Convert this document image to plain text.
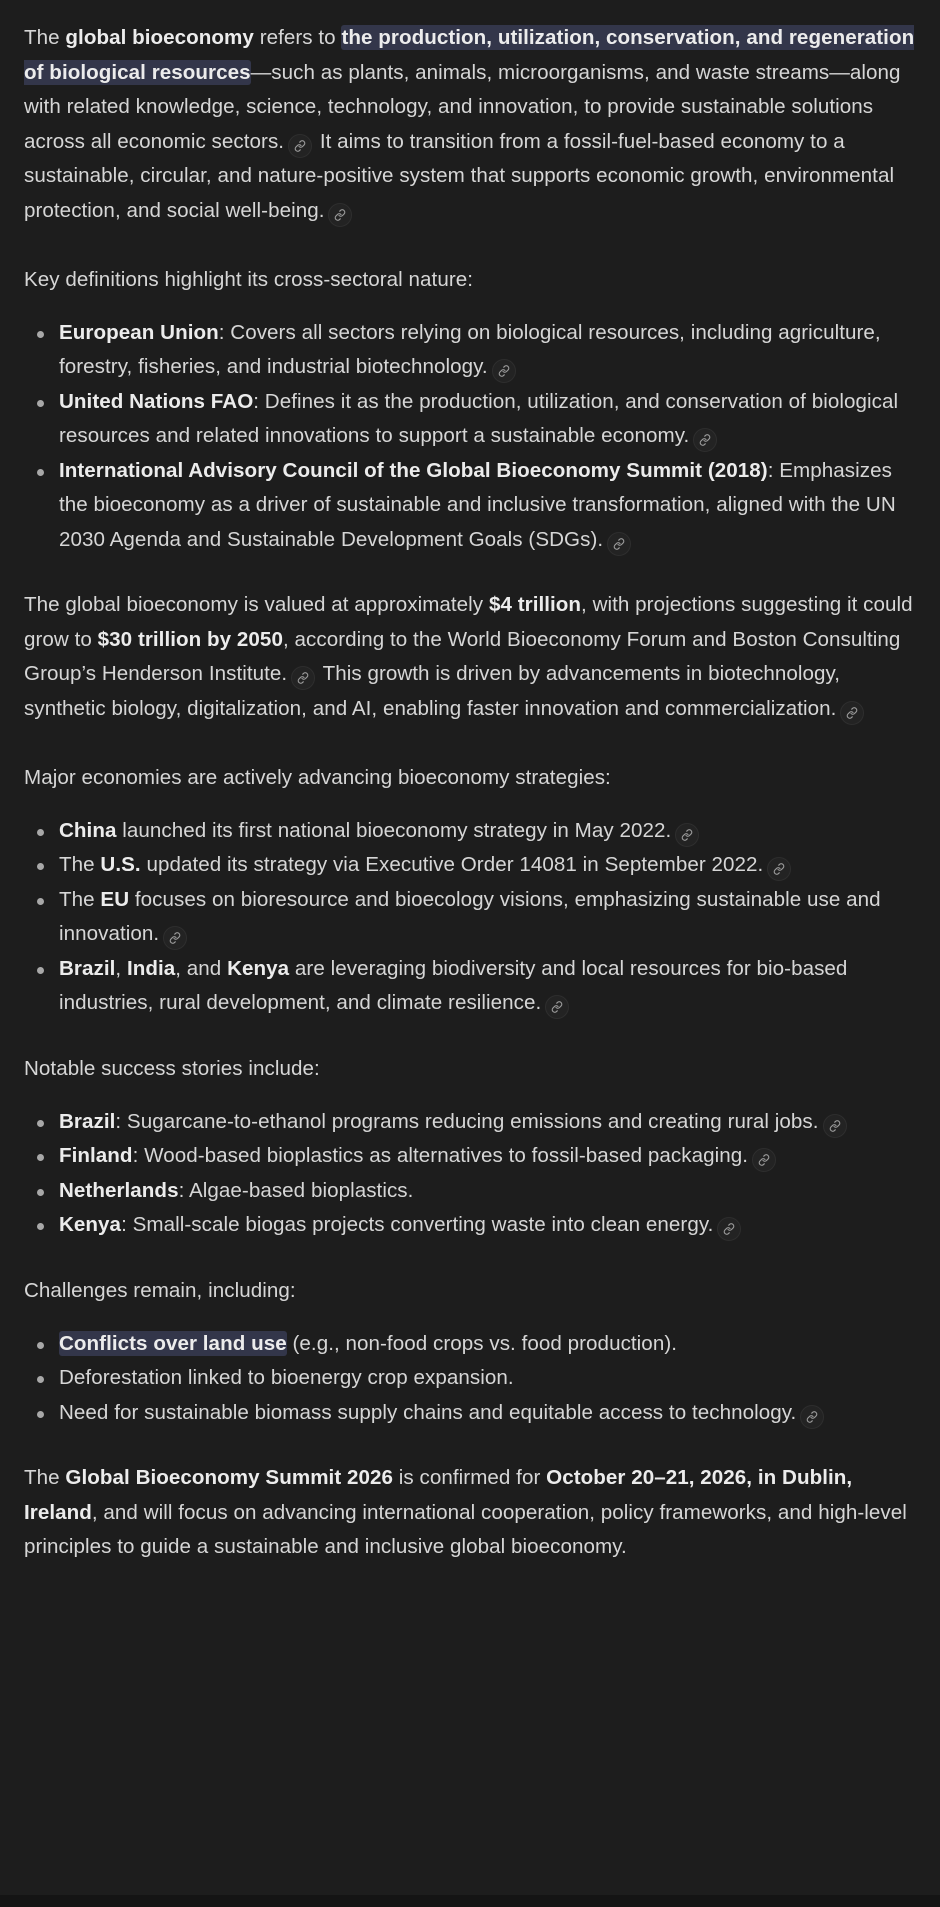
The global bioeconomy refers to the production, utilization, conservation, and regeneration of biological resources—such as plants, animals, microorganisms, and waste streams—along with related knowledge, science, technology, and innovation, to provide sustainable solutions across all economic sectors.
It aims to transition from a fossil-fuel-based economy to a sustainable, circular, and nature-positive system that supports economic growth, environmental protection, and social well-being.

Key definitions highlight its cross-sectoral nature:

European Union: Covers all sectors relying on biological resources, including agriculture, forestry, fisheries, and industrial biotechnology.
United Nations FAO: Defines it as the production, utilization, and conservation of biological resources and related innovations to support a sustainable economy.
International Advisory Council of the Global Bioeconomy Summit (2018): Emphasizes the bioeconomy as a driver of sustainable and inclusive transformation, aligned with the UN 2030 Agenda and Sustainable Development Goals (SDGs).

The global bioeconomy is valued at approximately $4 trillion, with projections suggesting it could grow to $30 trillion by 2050, according to the World Bioeconomy Forum and Boston Consulting Group’s Henderson Institute.
This growth is driven by advancements in biotechnology, synthetic biology, digitalization, and AI, enabling faster innovation and commercialization.

Major economies are actively advancing bioeconomy strategies:

China launched its first national bioeconomy strategy in May 2022.
The U.S. updated its strategy via Executive Order 14081 in September 2022.
The EU focuses on bioresource and bioecology visions, emphasizing sustainable use and innovation.
Brazil, India, and Kenya are leveraging biodiversity and local resources for bio-based industries, rural development, and climate resilience.

Notable success stories include:

Brazil: Sugarcane-to-ethanol programs reducing emissions and creating rural jobs.
Finland: Wood-based bioplastics as alternatives to fossil-based packaging.
Netherlands: Algae-based bioplastics.
Kenya: Small-scale biogas projects converting waste into clean energy.

Challenges remain, including:

Conflicts over land use (e.g., non-food crops vs. food production).
Deforestation linked to bioenergy crop expansion.
Need for sustainable biomass supply chains and equitable access to technology.

The Global Bioeconomy Summit 2026 is confirmed for October 20–21, 2026, in Dublin, Ireland, and will focus on advancing international cooperation, policy frameworks, and high-level principles to guide a sustainable and inclusive global bioeconomy.
